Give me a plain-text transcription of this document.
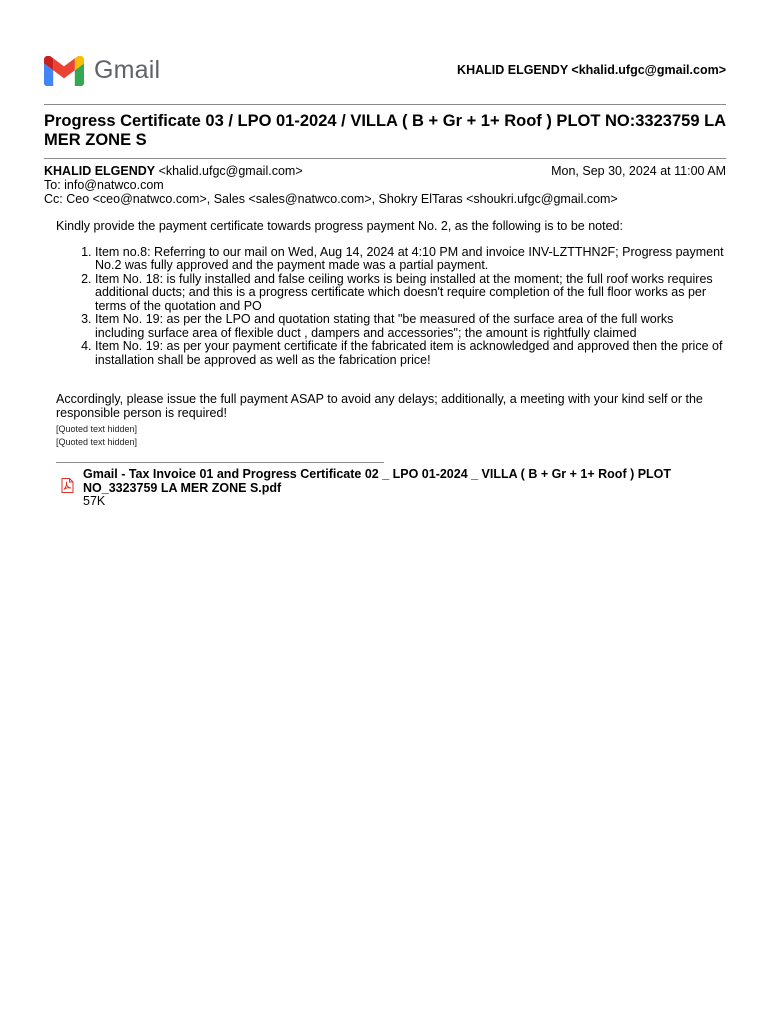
Gmail	KHALID ELGENDY <khalid.ufgc@gmail.com>
Progress Certificate 03 / LPO 01-2024 / VILLA ( B + Gr + 1+ Roof ) PLOT NO:3323759 LA MER ZONE S
KHALID ELGENDY <khalid.ufgc@gmail.com>	Mon, Sep 30, 2024 at 11:00 AM
To: info@natwco.com
Cc: Ceo <ceo@natwco.com>, Sales <sales@natwco.com>, Shokry ElTaras <shoukri.ufgc@gmail.com>

Kindly provide the payment certificate towards progress payment No. 2, as the following is to be noted:

1. Item no.8: Referring to our mail on Wed, Aug 14, 2024 at 4:10 PM and invoice INV-LZTTHN2F; Progress payment No.2 was fully approved and the payment made was a partial payment.
2. Item No. 18: is fully installed and false ceiling works is being installed at the moment; the full roof works requires additional ducts; and this is a progress certificate which doesn't require completion of the full floor works as per terms of the quotation and PO
3. Item No. 19: as per the LPO and quotation stating that "be measured of the surface area of the full works including surface area of flexible duct , dampers and accessories"; the amount is rightfully claimed
4. Item No. 19: as per your payment certificate if the fabricated item is acknowledged and approved then the price of installation shall be approved as well as the fabrication price!

Accordingly, please issue the full payment ASAP to avoid any delays; additionally, a meeting with your kind self or the responsible person is required!

[Quoted text hidden]
[Quoted text hidden]
Gmail - Tax Invoice 01 and Progress Certificate 02 _ LPO 01-2024 _ VILLA ( B + Gr + 1+ Roof ) PLOT NO_3323759 LA MER ZONE S.pdf
57K
